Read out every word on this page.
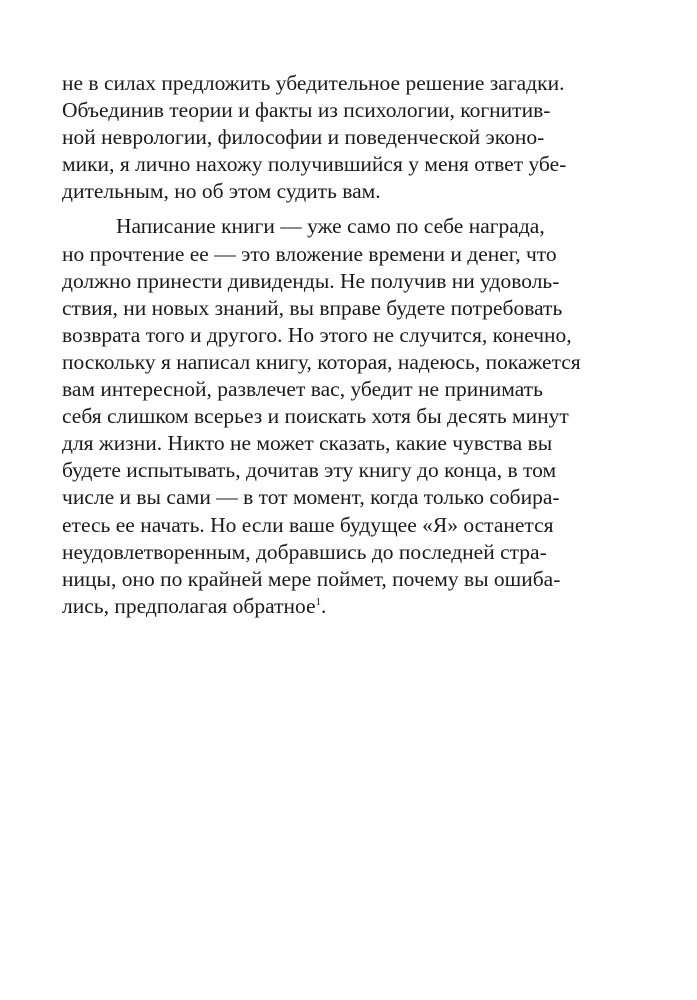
не в силах предложить убедительное решение загадки.
Объединив теории и факты из психологии, когнитив-
ной неврологии, философии и поведенческой эконо-
мики, я лично нахожу получившийся у меня ответ убе-
дительным, но об этом судить вам.
Написание книги — уже само по себе награда,
но прочтение ее — это вложение времени и денег, что
должно принести дивиденды. Не получив ни удоволь-
ствия, ни новых знаний, вы вправе будете потребовать
возврата того и другого. Но этого не случится, конечно,
поскольку я написал книгу, которая, надеюсь, покажется
вам интересной, развлечет вас, убедит не принимать
себя слишком всерьез и поискать хотя бы десять минут
для жизни. Никто не может сказать, какие чувства вы
будете испытывать, дочитав эту книгу до конца, в том
числе и вы сами — в тот момент, когда только собира-
етесь ее начать. Но если ваше будущее «Я» останется
неудовлетворенным, добравшись до последней стра-
ницы, оно по крайней мере поймет, почему вы ошиба-
лись, предполагая обратное$^1$.
